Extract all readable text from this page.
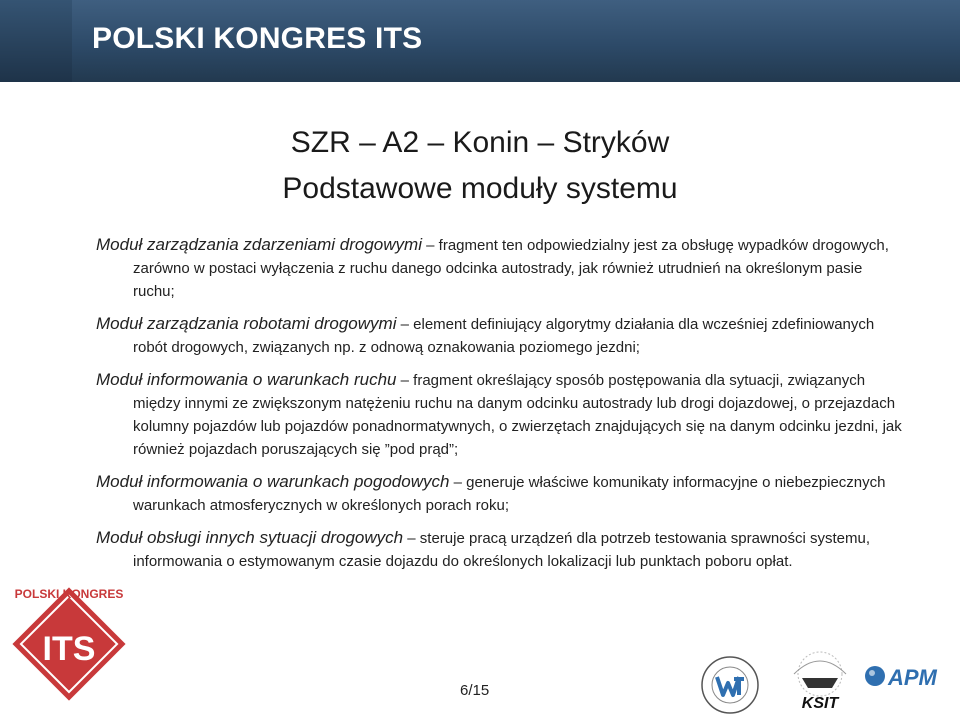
POLSKI KONGRES ITS
SZR – A2 – Konin – Stryków
Podstawowe moduły systemu
Moduł zarządzania zdarzeniami drogowymi – fragment ten odpowiedzialny jest za obsługę wypadków drogowych, zarówno w postaci wyłączenia z ruchu danego odcinka autostrady, jak również utrudnień na określonym pasie ruchu;
Moduł zarządzania robotami drogowymi – element definiujący algorytmy działania dla wcześniej zdefiniowanych robót drogowych, związanych np. z odnową oznakowania poziomego jezdni;
Moduł informowania o warunkach ruchu – fragment określający sposób postępowania dla sytuacji, związanych między innymi ze zwiększonym natężeniu ruchu na danym odcinku autostrady lub drogi dojazdowej, o przejazdach kolumny pojazdów lub pojazdów ponadnormatywnych, o zwierzętach znajdujących się na danym odcinku jezdni, jak również pojazdach poruszających się ”pod prąd”;
Moduł informowania o warunkach pogodowych – generuje właściwe komunikaty informacyjne o niebezpiecznych warunkach atmosferycznych w określonych porach roku;
Moduł obsługi innych sytuacji drogowych – steruje pracą urządzeń dla potrzeb testowania sprawności systemu, informowania o estymowanym czasie dojazdu do określonych lokalizacji lub punktach poboru opłat.
ITS
POLSKI KONGRES
6/15
KSIT
APM
